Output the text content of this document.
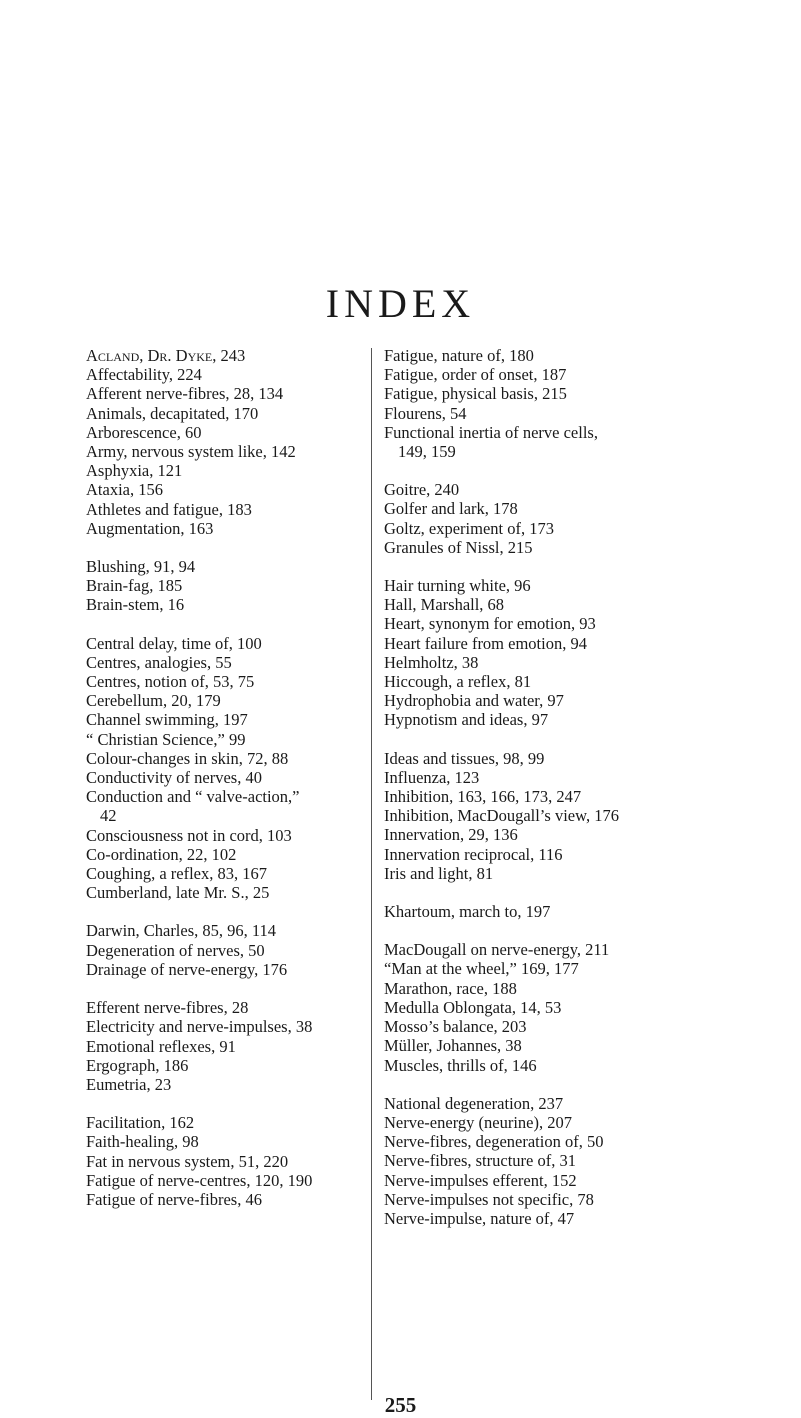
INDEX
Acland, Dr. Dyke, 243
Affectability, 224
Afferent nerve-fibres, 28, 134
Animals, decapitated, 170
Arborescence, 60
Army, nervous system like, 142
Asphyxia, 121
Ataxia, 156
Athletes and fatigue, 183
Augmentation, 163
Blushing, 91, 94
Brain-fag, 185
Brain-stem, 16
Central delay, time of, 100
Centres, analogies, 55
Centres, notion of, 53, 75
Cerebellum, 20, 179
Channel swimming, 197
“ Christian Science,” 99
Colour-changes in skin, 72, 88
Conductivity of nerves, 40
Conduction and “ valve-action,”
42
Consciousness not in cord, 103
Co-ordination, 22, 102
Coughing, a reflex, 83, 167
Cumberland, late Mr. S., 25
Darwin, Charles, 85, 96, 114
Degeneration of nerves, 50
Drainage of nerve-energy, 176
Efferent nerve-fibres, 28
Electricity and nerve-impulses, 38
Emotional reflexes, 91
Ergograph, 186
Eumetria, 23
Facilitation, 162
Faith-healing, 98
Fat in nervous system, 51, 220
Fatigue of nerve-centres, 120, 190
Fatigue of nerve-fibres, 46
Fatigue, nature of, 180
Fatigue, order of onset, 187
Fatigue, physical basis, 215
Flourens, 54
Functional inertia of nerve cells,
149, 159
Goitre, 240
Golfer and lark, 178
Goltz, experiment of, 173
Granules of Nissl, 215
Hair turning white, 96
Hall, Marshall, 68
Heart, synonym for emotion, 93
Heart failure from emotion, 94
Helmholtz, 38
Hiccough, a reflex, 81
Hydrophobia and water, 97
Hypnotism and ideas, 97
Ideas and tissues, 98, 99
Influenza, 123
Inhibition, 163, 166, 173, 247
Inhibition, MacDougall’s view, 176
Innervation, 29, 136
Innervation reciprocal, 116
Iris and light, 81
Khartoum, march to, 197
MacDougall on nerve-energy, 211
“Man at the wheel,” 169, 177
Marathon, race, 188
Medulla Oblongata, 14, 53
Mosso’s balance, 203
Müller, Johannes, 38
Muscles, thrills of, 146
National degeneration, 237
Nerve-energy (neurine), 207
Nerve-fibres, degeneration of, 50
Nerve-fibres, structure of, 31
Nerve-impulses efferent, 152
Nerve-impulses not specific, 78
Nerve-impulse, nature of, 47
255
